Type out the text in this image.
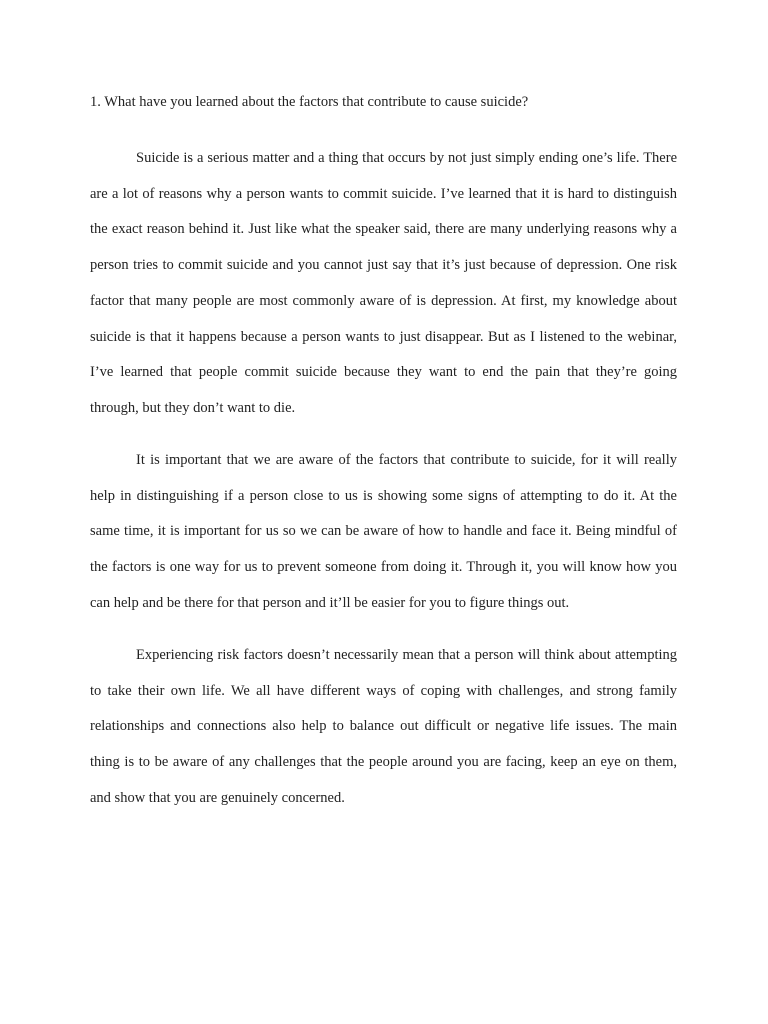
1. What have you learned about the factors that contribute to cause suicide?

Suicide is a serious matter and a thing that occurs by not just simply ending one’s life. There are a lot of reasons why a person wants to commit suicide. I’ve learned that it is hard to distinguish the exact reason behind it. Just like what the speaker said, there are many underlying reasons why a person tries to commit suicide and you cannot just say that it’s just because of depression. One risk factor that many people are most commonly aware of is depression. At first, my knowledge about suicide is that it happens because a person wants to just disappear. But as I listened to the webinar, I’ve learned that people commit suicide because they want to end the pain that they’re going through, but they don’t want to die.

It is important that we are aware of the factors that contribute to suicide, for it will really help in distinguishing if a person close to us is showing some signs of attempting to do it. At the same time, it is important for us so we can be aware of how to handle and face it. Being mindful of the factors is one way for us to prevent someone from doing it. Through it, you will know how you can help and be there for that person and it’ll be easier for you to figure things out.

Experiencing risk factors doesn’t necessarily mean that a person will think about attempting to take their own life. We all have different ways of coping with challenges, and strong family relationships and connections also help to balance out difficult or negative life issues. The main thing is to be aware of any challenges that the people around you are facing, keep an eye on them, and show that you are genuinely concerned.
